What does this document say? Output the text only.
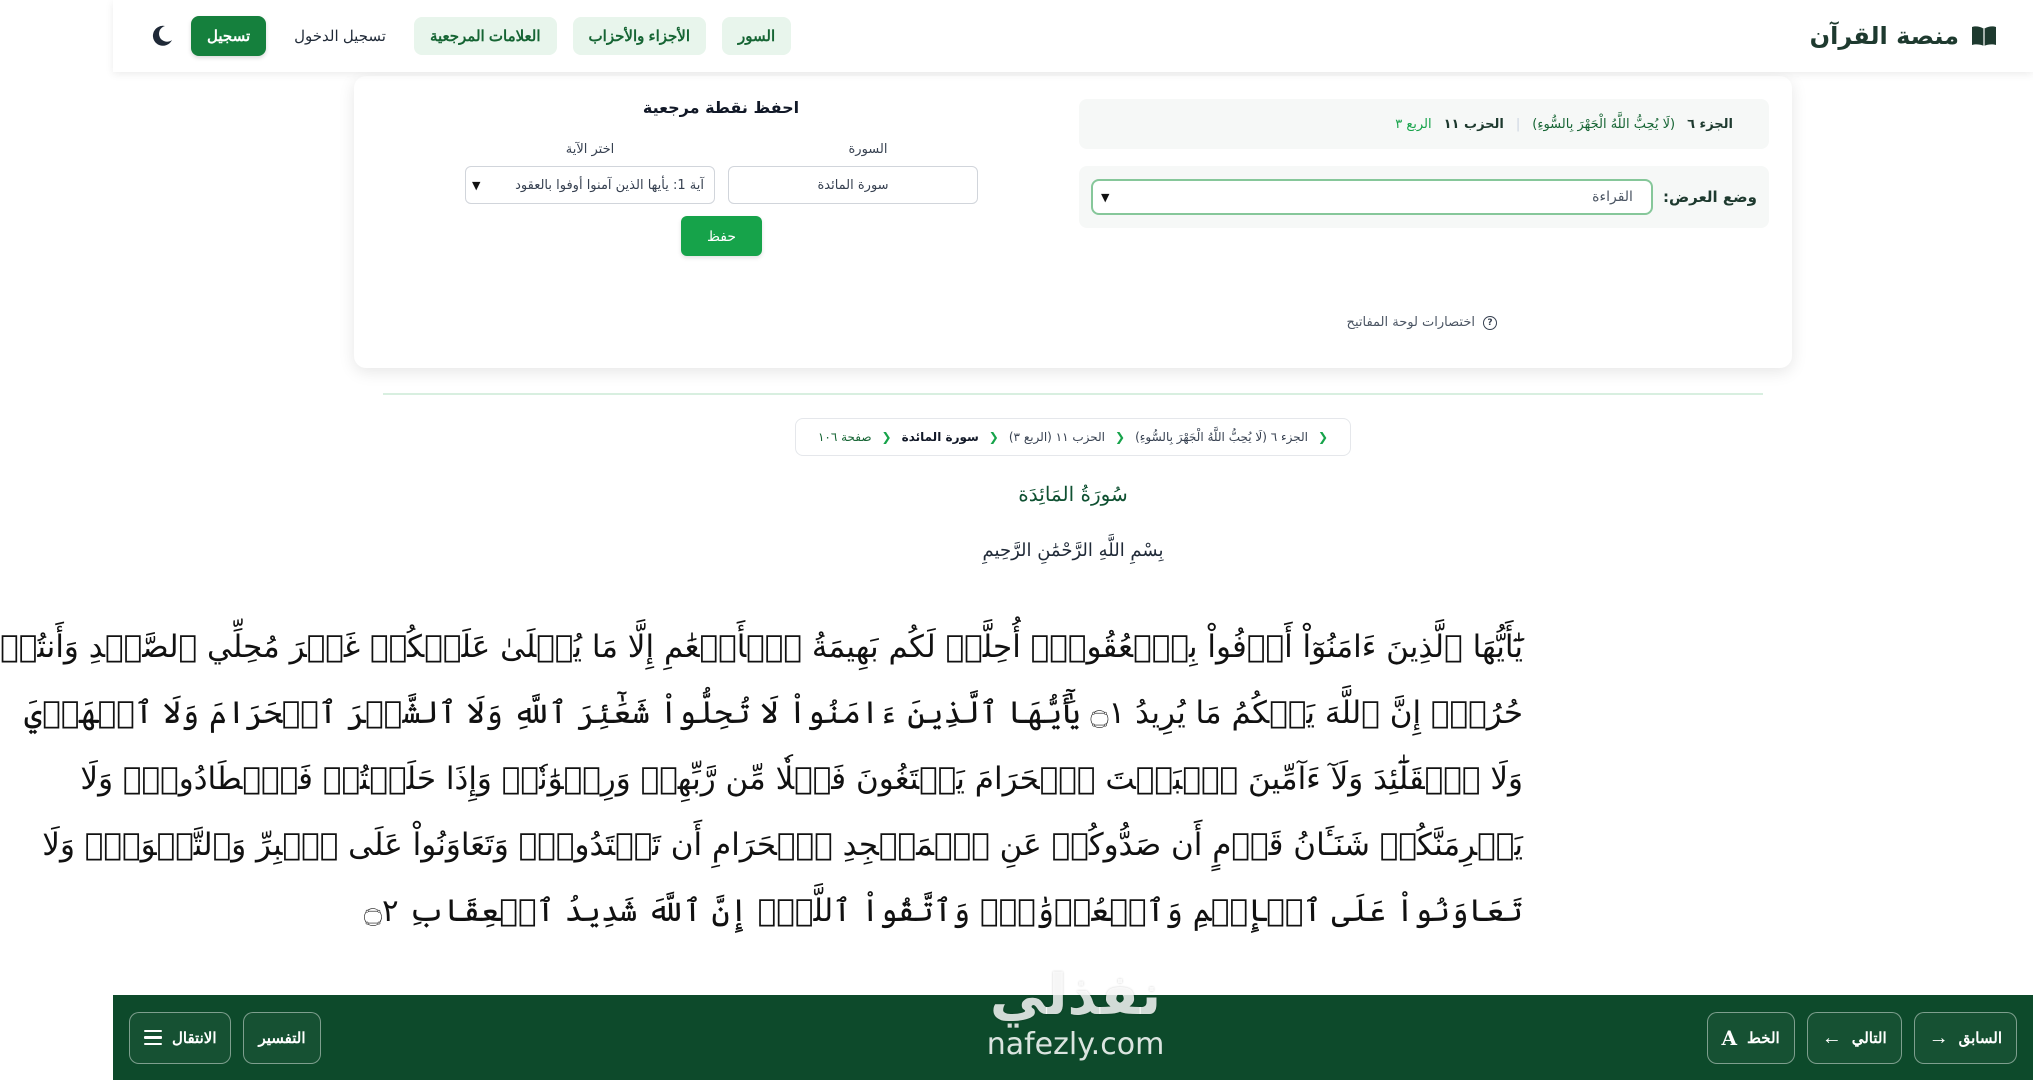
منصة القرآن
السور
الأجزاء والأحزاب
العلامات المرجعية
تسجيل الدخول
تسجيل
الجزء ٦
(لَا يُحِبُّ اللَّهُ الْجَهْرَ بِالسُّوءِ)
|
الحزب ١١
الربع ٣
وضع العرض:
القراءة
▼
?
اختصارات لوحة المفاتيح
احفظ نقطة مرجعية
السورة
اختر الآية
سورة المائدة
آية 1: يأيها الذين آمنوا أوفوا بالعقود
▼
حفظ
❮
الجزء ٦ (لَا يُحِبُّ اللَّهُ الْجَهْرَ بِالسُّوءِ)
❮
الحزب ١١ (الربع ٣)
❮
سورة المائدة
❮
صفحة ١٠٦
سُورَةُ المَائِدَة
بِسْمِ اللَّهِ الرَّحْمَٰنِ الرَّحِيمِ
يَٰٓأَيُّهَا ٱلَّذِينَ ءَامَنُوٓاْ أَوۡفُواْ بِٱلۡعُقُودِۚ أُحِلَّتۡ لَكُم بَهِيمَةُ ٱلۡأَنۡعَٰمِ إِلَّا مَا يُتۡلَىٰ عَلَيۡكُمۡ غَيۡرَ مُحِلِّي ٱلصَّيۡدِ وَأَنتُمۡ
حُرُمٌۗ إِنَّ ٱللَّهَ يَحۡكُمُ مَا يُرِيدُ ۝١ يَٰٓأَيُّهَا ٱلَّذِينَ ءَامَنُواْ لَا تُحِلُّواْ شَعَٰٓئِرَ ٱللَّهِ وَلَا ٱلشَّهۡرَ ٱلۡحَرَامَ وَلَا ٱلۡهَدۡيَ
وَلَا ٱلۡقَلَٰٓئِدَ وَلَآ ءَآمِّينَ ٱلۡبَيۡتَ ٱلۡحَرَامَ يَبۡتَغُونَ فَضۡلٗا مِّن رَّبِّهِمۡ وَرِضۡوَٰنٗاۚ وَإِذَا حَلَلۡتُمۡ فَٱصۡطَادُواْۚ وَلَا
يَجۡرِمَنَّكُمۡ شَنَـَٔانُ قَوۡمٍ أَن صَدُّوكُمۡ عَنِ ٱلۡمَسۡجِدِ ٱلۡحَرَامِ أَن تَعۡتَدُواْۘ وَتَعَاوَنُواْ عَلَى ٱلۡبِرِّ وَٱلتَّقۡوَىٰۖ وَلَا
تَعَاوَنُواْ عَلَى ٱلۡإِثۡمِ وَٱلۡعُدۡوَٰنِۚ وَٱتَّقُواْ ٱللَّهَۖ إِنَّ ٱللَّهَ شَدِيدُ ٱلۡعِقَابِ ۝٢
السابق
→
التالي
←
الخط
A
التفسير
الانتقال
نفذلي
nafezly.com
